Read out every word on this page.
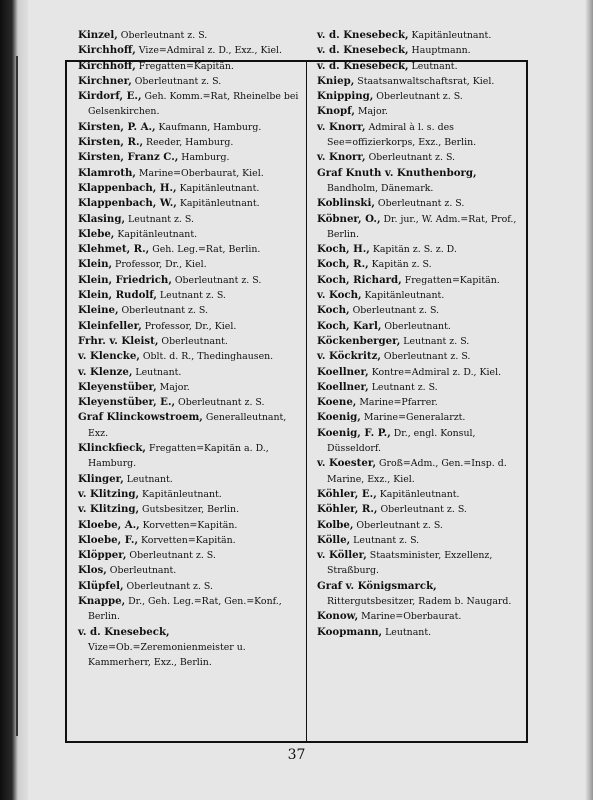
Kinzel, Oberleutnant z. S.

Kirchhoff, Vize=Admiral z. D., Exz., Kiel.

Kirchhoff, Fregatten=Kapitän.

Kirchner, Oberleutnant z. S.

Kirdorf, E., Geh. Komm.=Rat, Rheinelbe bei Gelsenkirchen.

Kirsten, P. A., Kaufmann, Hamburg.

Kirsten, R., Reeder, Hamburg.

Kirsten, Franz C., Hamburg.

Klamroth, Marine=Oberbaurat, Kiel.

Klappenbach, H., Kapitänleutnant.

Klappenbach, W., Kapitänleutnant.

Klasing, Leutnant z. S.

Klebe, Kapitänleutnant.

Klehmet, R., Geh. Leg.=Rat, Berlin.

Klein, Professor, Dr., Kiel.

Klein, Friedrich, Oberleutnant z. S.

Klein, Rudolf, Leutnant z. S.

Kleine, Oberleutnant z. S.

Kleinfeller, Professor, Dr., Kiel.

Frhr. v. Kleist, Oberleutnant.

v. Klencke, Oblt. d. R., Thedinghausen.

v. Klenze, Leutnant.

Kleyenstüber, Major.

Kleyenstüber, E., Oberleutnant z. S.

Graf Klinckowstroem, Generalleutnant, Exz.

Klinckfieck, Fregatten=Kapitän a. D., Hamburg.

Klinger, Leutnant.

v. Klitzing, Kapitänleutnant.

v. Klitzing, Gutsbesitzer, Berlin.

Kloebe, A., Korvetten=Kapitän.

Kloebe, F., Korvetten=Kapitän.

Klöpper, Oberleutnant z. S.

Klos, Oberleutnant.

Klüpfel, Oberleutnant z. S.

Knappe, Dr., Geh. Leg.=Rat, Gen.=Konf., Berlin.

v. d. Knesebeck, Vize=Ob.=Zeremonienmeister u. Kammerherr, Exz., Berlin.

v. d. Knesebeck, Kapitänleutnant.

v. d. Knesebeck, Hauptmann.

v. d. Knesebeck, Leutnant.

Kniep, Staatsanwaltschaftsrat, Kiel.

Knipping, Oberleutnant z. S.

Knopf, Major.

v. Knorr, Admiral à l. s. des See=offizierkorps, Exz., Berlin.

v. Knorr, Oberleutnant z. S.

Graf Knuth v. Knuthenborg, Bandholm, Dänemark.

Koblinski, Oberleutnant z. S.

Köbner, O., Dr. jur., W. Adm.=Rat, Prof., Berlin.

Koch, H., Kapitän z. S. z. D.

Koch, R., Kapitän z. S.

Koch, Richard, Fregatten=Kapitän.

v. Koch, Kapitänleutnant.

Koch, Oberleutnant z. S.

Koch, Karl, Oberleutnant.

Köckenberger, Leutnant z. S.

v. Köckritz, Oberleutnant z. S.

Koellner, Kontre=Admiral z. D., Kiel.

Koellner, Leutnant z. S.

Koene, Marine=Pfarrer.

Koenig, Marine=Generalarzt.

Koenig, F. P., Dr., engl. Konsul, Düsseldorf.

v. Koester, Groß=Adm., Gen.=Insp. d. Marine, Exz., Kiel.

Köhler, E., Kapitänleutnant.

Köhler, R., Oberleutnant z. S.

Kolbe, Oberleutnant z. S.

Kölle, Leutnant z. S.

v. Köller, Staatsminister, Exzellenz, Straßburg.

Graf v. Königsmarck, Rittergutsbesitzer, Radem b. Naugard.

Konow, Marine=Oberbaurat.

Koopmann, Leutnant.

37
